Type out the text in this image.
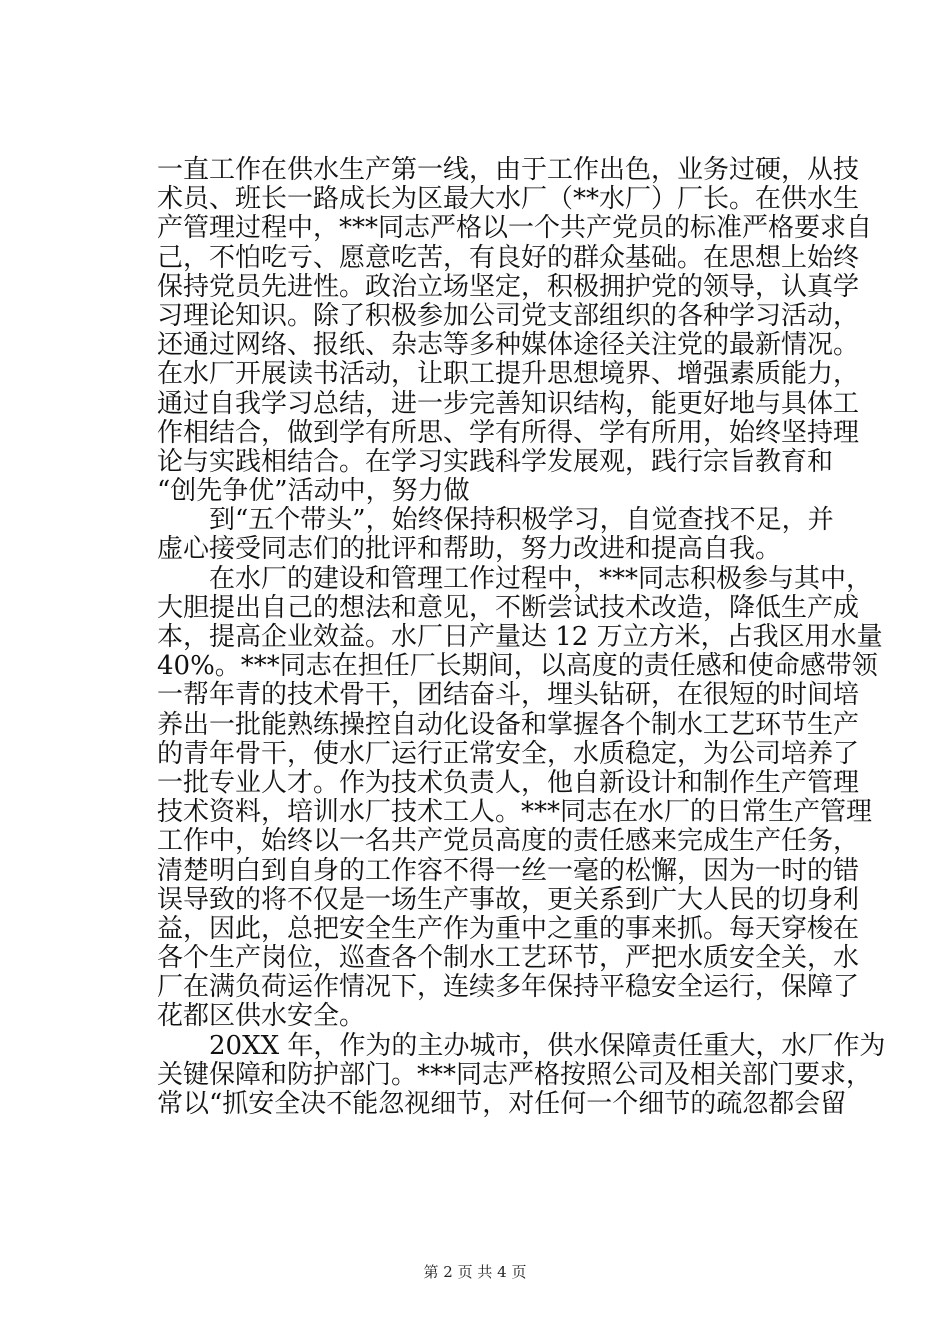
一直工作在供水生产第一线，由于工作出色，业务过硬，从技
术员、班长一路成长为区最大水厂（**水厂）厂长。在供水生
产管理过程中，***同志严格以一个共产党员的标准严格要求自
己，不怕吃亏、愿意吃苦，有良好的群众基础。在思想上始终
保持党员先进性。政治立场坚定，积极拥护党的领导，认真学
习理论知识。除了积极参加公司党支部组织的各种学习活动，
还通过网络、报纸、杂志等多种媒体途径关注党的最新情况。
在水厂开展读书活动，让职工提升思想境界、增强素质能力，
通过自我学习总结，进一步完善知识结构，能更好地与具体工
作相结合，做到学有所思、学有所得、学有所用，始终坚持理
论与实践相结合。在学习实践科学发展观，践行宗旨教育和
“创先争优”活动中，努力做
　　到“五个带头”，始终保持积极学习，自觉查找不足，并
虚心接受同志们的批评和帮助，努力改进和提高自我。
　　在水厂的建设和管理工作过程中，***同志积极参与其中，
大胆提出自己的想法和意见，不断尝试技术改造，降低生产成
本，提高企业效益。水厂日产量达 12 万立方米，占我区用水量
40%。***同志在担任厂长期间，以高度的责任感和使命感带领
一帮年青的技术骨干，团结奋斗，埋头钻研，在很短的时间培
养出一批能熟练操控自动化设备和掌握各个制水工艺环节生产
的青年骨干，使水厂运行正常安全，水质稳定，为公司培养了
一批专业人才。作为技术负责人，他自新设计和制作生产管理
技术资料，培训水厂技术工人。***同志在水厂的日常生产管理
工作中，始终以一名共产党员高度的责任感来完成生产任务，
清楚明白到自身的工作容不得一丝一毫的松懈，因为一时的错
误导致的将不仅是一场生产事故，更关系到广大人民的切身利
益，因此，总把安全生产作为重中之重的事来抓。每天穿梭在
各个生产岗位，巡查各个制水工艺环节，严把水质安全关，水
厂在满负荷运作情况下，连续多年保持平稳安全运行，保障了
花都区供水安全。
　　20XX 年，作为的主办城市，供水保障责任重大，水厂作为
关键保障和防护部门。***同志严格按照公司及相关部门要求，
常以“抓安全决不能忽视细节，对任何一个细节的疏忽都会留
第 2 页 共 4 页
